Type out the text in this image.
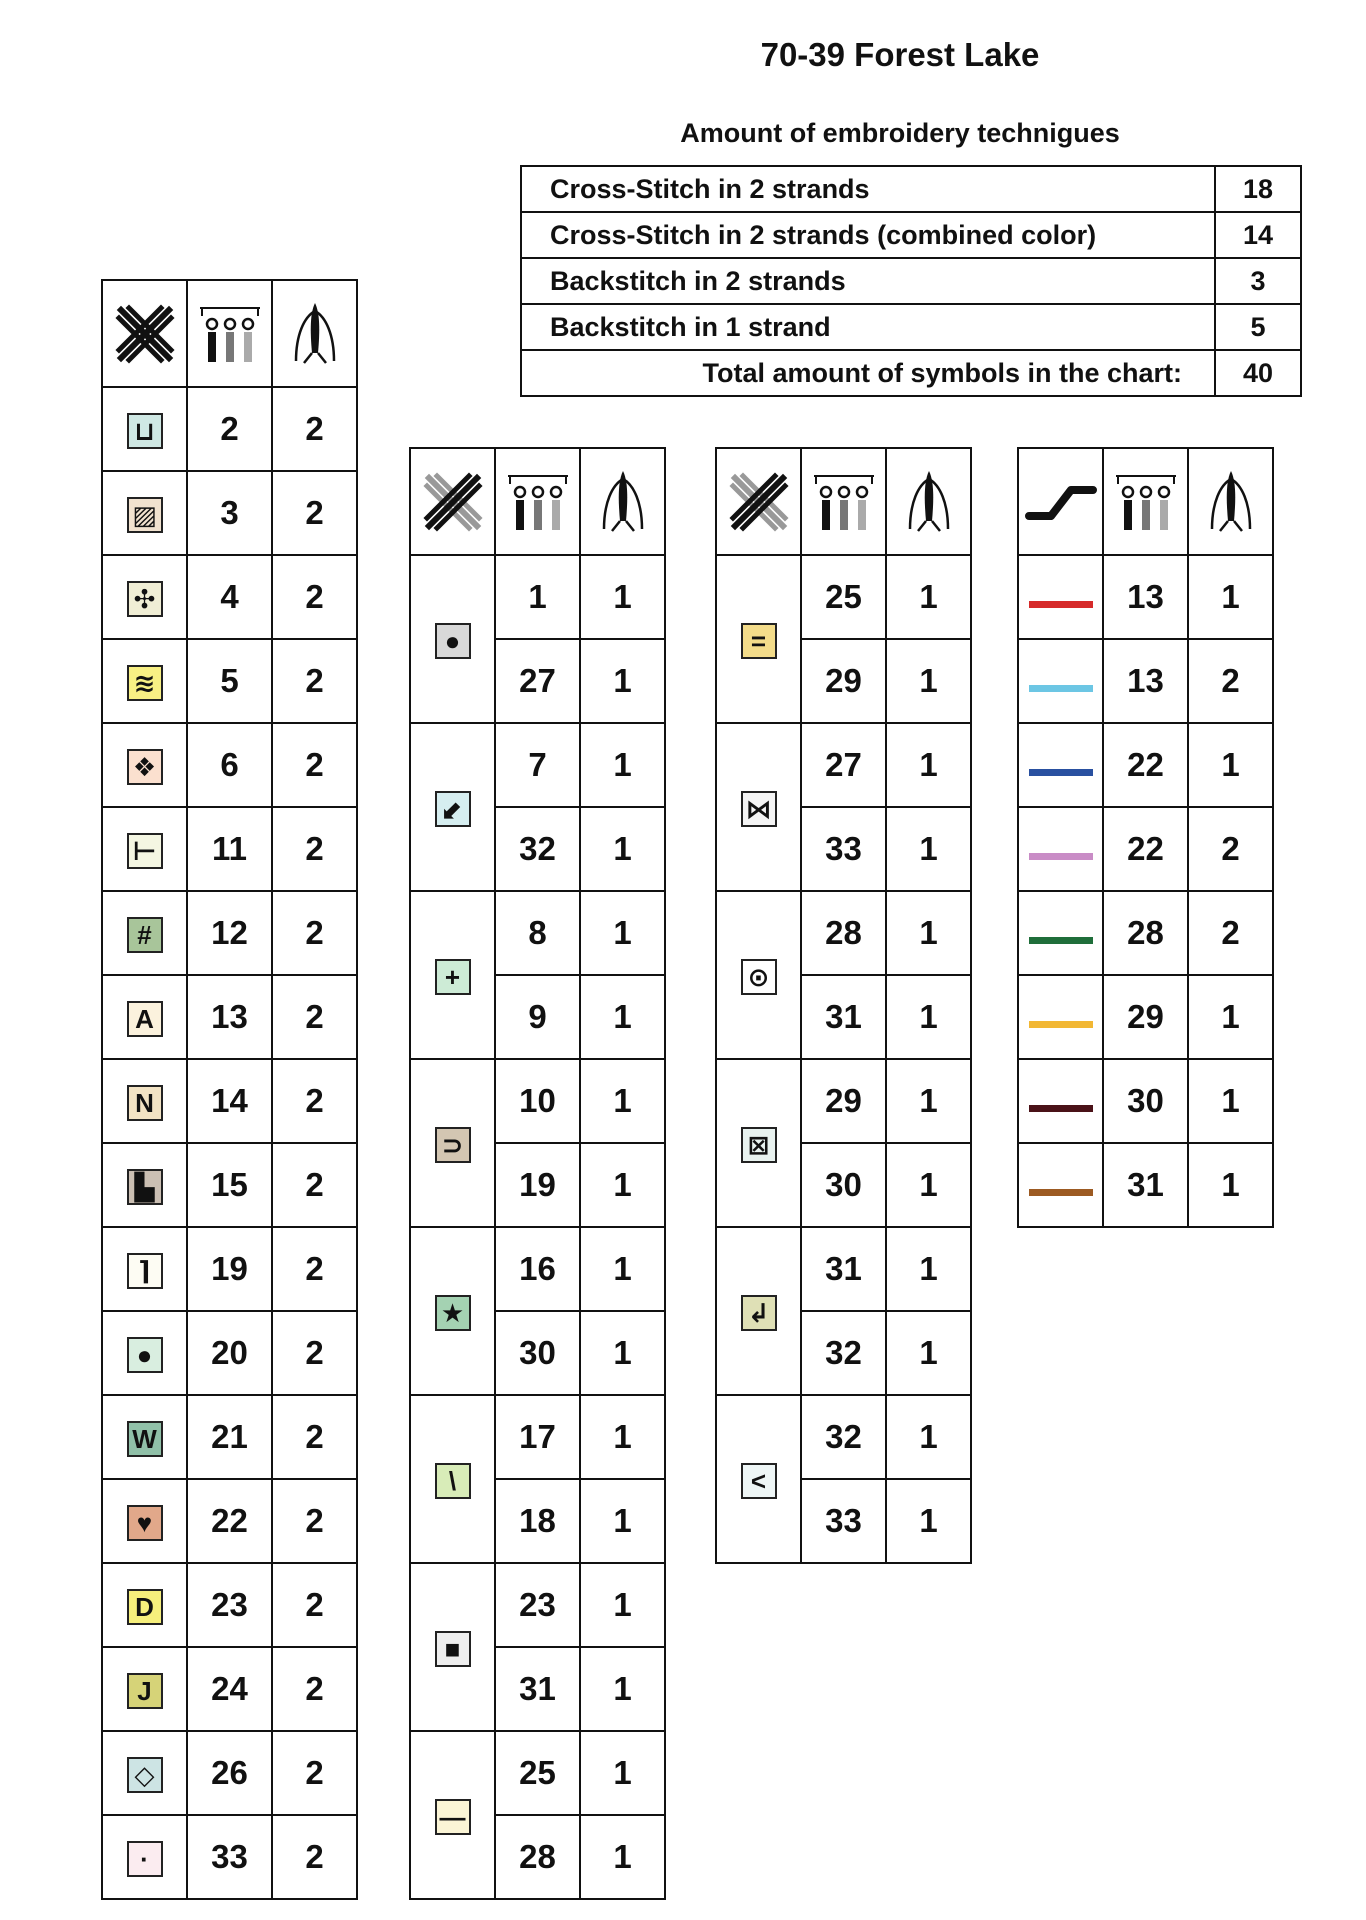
70-39 Forest Lake
Amount of embroidery technigues
Cross-Stitch in 2 strands	18
Cross-Stitch in 2 strands (combined color)	14
Backstitch in 2 strands	3
Backstitch in 1 strand	5
Total amount of symbols in the chart:	40

⊔	2	2
▨	3	2
✣	4	2
≋	5	2
❖	6	2
⊢	11	2
#	12	2
A	13	2
N	14	2
▙	15	2
⌉	19	2
●	20	2
W	21	2
♥	22	2
D	23	2
J	24	2
◇	26	2
·	33	2

●	1	1
	27	1
⬋	7	1
	32	1
+	8	1
	9	1
⊃	10	1
	19	1
★	16	1
	30	1
\	17	1
	18	1
■	23	1
	31	1
—	25	1
	28	1

=	25	1
	29	1
⋈	27	1
	33	1
⊙	28	1
	31	1
⊠	29	1
	30	1
↲	31	1
	32	1
<	32	1
	33	1

	13	1
	13	2
	22	1
	22	2
	28	2
	29	1
	30	1
	31	1
